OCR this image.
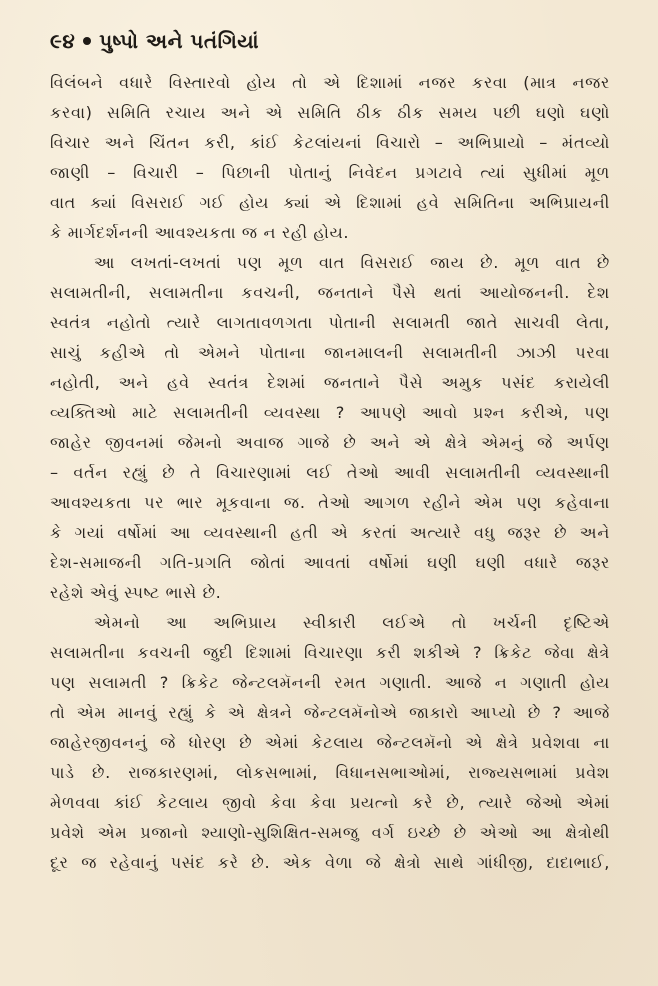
૯૪ પુષ્પો અને પતંગિયાં
વિલંબને વધારે વિસ્તારવો હોય તો એ દિશામાં નજર કરવા (માત્ર નજર
કરવા) સમિતિ રચાય અને એ સમિતિ ઠીક ઠીક સમય પછી ઘણો ઘણો
વિચાર અને ચિંતન કરી, કાંઈ કેટલાંયનાં વિચારો – અભિપ્રાયો – મંતવ્યો
જાણી – વિચારી – પિછાની પોતાનું નિવેદન પ્રગટાવે ત્યાં સુધીમાં મૂળ
વાત ક્યાં વિસરાઈ ગઈ હોય ક્યાં એ દિશામાં હવે સમિતિના અભિપ્રાયની
કે માર્ગદર્શનની આવશ્યકતા જ ન રહી હોય.
આ લખતાં-લખતાં પણ મૂળ વાત વિસરાઈ જાય છે. મૂળ વાત છે
સલામતીની, સલામતીના કવચની, જનતાને પૈસે થતાં આયોજનની. દેશ
સ્વતંત્ર નહોતો ત્યારે લાગતાવળગતા પોતાની સલામતી જાતે સાચવી લેતા,
સાચું કહીએ તો એમને પોતાના જાનમાલની સલામતીની ઝાઝી પરવા
નહોતી, અને હવે સ્વતંત્ર દેશમાં જનતાને પૈસે અમુક પસંદ કરાયેલી
વ્યક્તિઓ માટે સલામતીની વ્યવસ્થા ? આપણે આવો પ્રશ્ન કરીએ, પણ
જાહેર જીવનમાં જેમનો અવાજ ગાજે છે અને એ ક્ષેત્રે એમનું જે અર્પણ
– વર્તન રહ્યું છે તે વિચારણામાં લઈ તેઓ આવી સલામતીની વ્યવસ્થાની
આવશ્યકતા પર ભાર મૂકવાના જ. તેઓ આગળ રહીને એમ પણ કહેવાના
કે ગયાં વર્ષોમાં આ વ્યવસ્થાની હતી એ કરતાં અત્યારે વધુ જરૂર છે અને
દેશ-સમાજની ગતિ-પ્રગતિ જોતાં આવતાં વર્ષોમાં ઘણી ઘણી વધારે જરૂર
રહેશે એવું સ્પષ્ટ ભાસે છે.
એમનો આ અભિપ્રાય સ્વીકારી લઈએ તો ખર્ચની દૃષ્ટિએ
સલામતીના કવચની જુદી દિશામાં વિચારણા કરી શકીએ ? ક્રિકેટ જેવા ક્ષેત્રે
પણ સલામતી ? ક્રિકેટ જેન્ટલમૅનની રમત ગણાતી. આજે ન ગણાતી હોય
તો એમ માનવું રહ્યું કે એ ક્ષેત્રને જેન્ટલમૅનોએ જાકારો આપ્યો છે ? આજે
જાહેરજીવનનું જે ધોરણ છે એમાં કેટલાય જેન્ટલમૅનો એ ક્ષેત્રે પ્રવેશવા ના
પાડે છે. રાજકારણમાં, લોકસભામાં, વિધાનસભાઓમાં, રાજ્યસભામાં પ્રવેશ
મેળવવા કાંઈ કેટલાય જીવો કેવા કેવા પ્રયત્નો કરે છે, ત્યારે જેઓ એમાં
પ્રવેશે એમ પ્રજાનો શ્યાણો-સુશિક્ષિત-સમજુ વર્ગ ઇચ્છે છે એઓ આ ક્ષેત્રોથી
દૂર જ રહેવાનું પસંદ કરે છે. એક વેળા જે ક્ષેત્રો સાથે ગાંધીજી, દાદાભાઈ,
